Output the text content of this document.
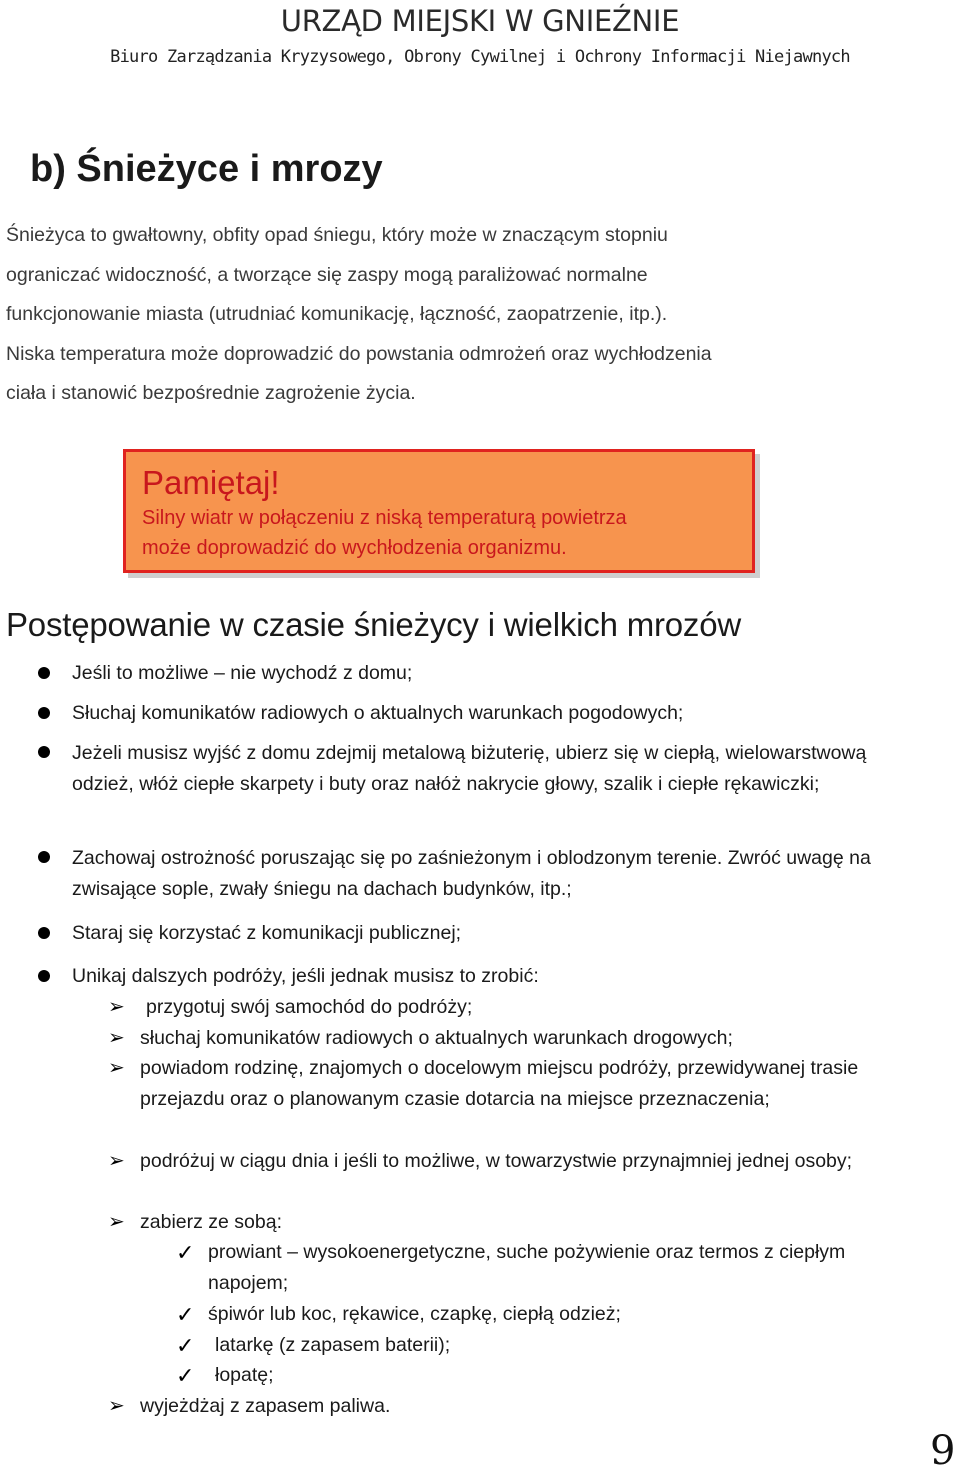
URZĄD MIEJSKI W GNIEŹNIE
Biuro Zarządzania Kryzysowego, Obrony Cywilnej i Ochrony Informacji Niejawnych
b) Śnieżyce i mrozy

Śnieżyca to gwałtowny, obfity opad śniegu, który może w znaczącym stopniu

ograniczać widoczność, a tworzące się zaspy mogą paraliżować normalne

funkcjonowanie miasta (utrudniać komunikację, łączność, zaopatrzenie, itp.).

Niska temperatura może doprowadzić do powstania odmrożeń oraz wychłodzenia

ciała i stanowić bezpośrednie zagrożenie życia.

Pamiętaj!
Silny wiatr w połączeniu z niską temperaturą powietrza
może doprowadzić do wychłodzenia organizmu.
Postępowanie w czasie śnieżycy i wielkich mrozów
Jeśli to możliwe – nie wychodź z domu;
Słuchaj komunikatów radiowych o aktualnych warunkach pogodowych;
Jeżeli musisz wyjść z domu zdejmij metalową biżuterię, ubierz się w ciepłą, wielowarstwową odzież, włóż ciepłe skarpety i buty oraz nałóż nakrycie głowy, szalik i ciepłe rękawiczki;
Zachowaj ostrożność poruszając się po zaśnieżonym i oblodzonym terenie. Zwróć uwagę na zwisające sople, zwały śniegu na dachach budynków, itp.;
Staraj się korzystać z komunikacji publicznej;
Unikaj dalszych podróży, jeśli jednak musisz to zrobić:
➢ przygotuj swój samochód do podróży;
➢ słuchaj komunikatów radiowych o aktualnych warunkach drogowych;
➢ powiadom rodzinę, znajomych o docelowym miejscu podróży, przewidywanej trasie przejazdu oraz o planowanym czasie dotarcia na miejsce przeznaczenia;
➢ podróżuj w ciągu dnia i jeśli to możliwe, w towarzystwie przynajmniej jednej osoby;
➢ zabierz ze sobą:
✓ prowiant – wysokoenergetyczne, suche pożywienie oraz termos z ciepłym napojem;
✓ śpiwór lub koc, rękawice, czapkę, ciepłą odzież;
✓ latarkę (z zapasem baterii);
✓ łopatę;
➢ wyjeżdżaj z zapasem paliwa.
9
